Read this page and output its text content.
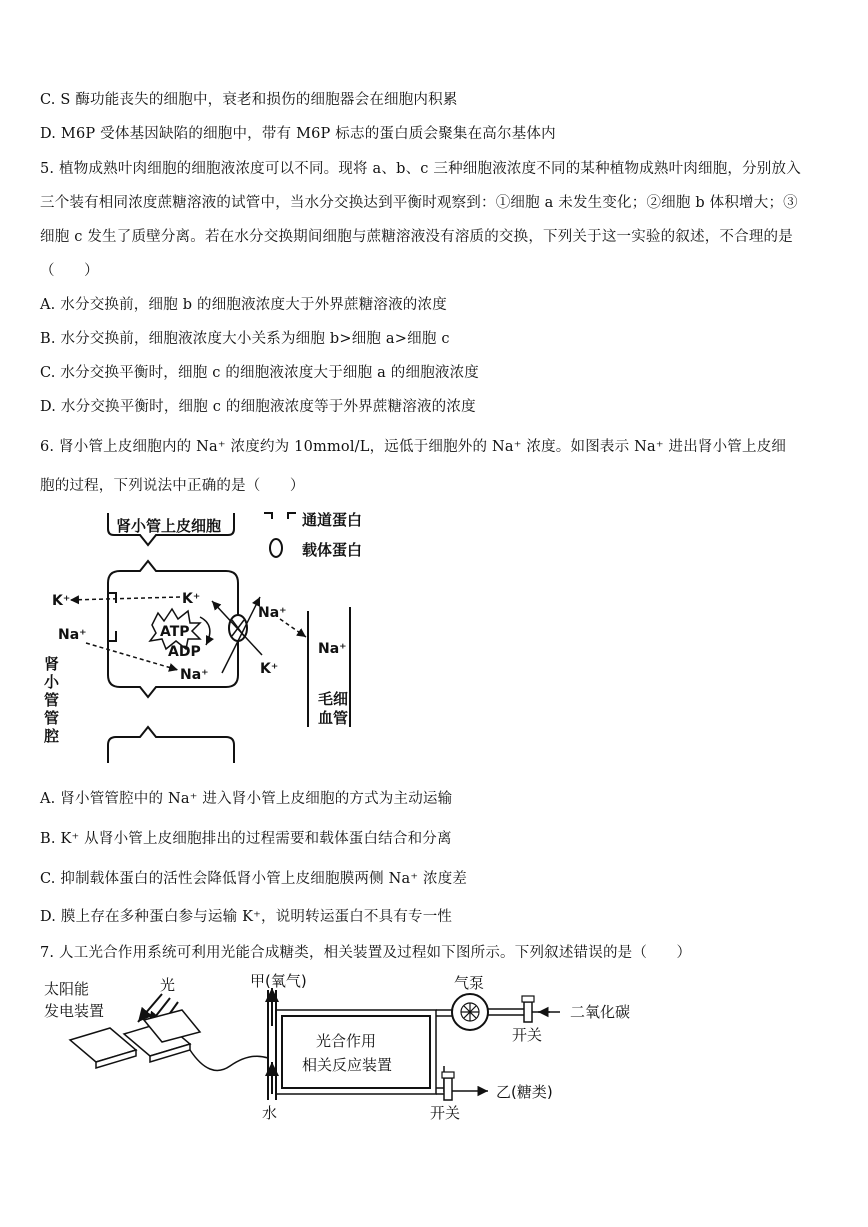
C. S 酶功能丧失的细胞中，衰老和损伤的细胞器会在细胞内积累
D. M6P 受体基因缺陷的细胞中，带有 M6P 标志的蛋白质会聚集在高尔基体内
5. 植物成熟叶肉细胞的细胞液浓度可以不同。现将 a、b、c 三种细胞液浓度不同的某种植物成熟叶肉细胞，分别放入
三个装有相同浓度蔗糖溶液的试管中，当水分交换达到平衡时观察到：①细胞 a 未发生变化；②细胞 b 体积增大；③
细胞 c 发生了质壁分离。若在水分交换期间细胞与蔗糖溶液没有溶质的交换，下列关于这一实验的叙述，不合理的是
（　　）
A. 水分交换前，细胞 b 的细胞液浓度大于外界蔗糖溶液的浓度
B. 水分交换前，细胞液浓度大小关系为细胞 b>细胞 a>细胞 c
C. 水分交换平衡时，细胞 c 的细胞液浓度大于细胞 a 的细胞液浓度
D. 水分交换平衡时，细胞 c 的细胞液浓度等于外界蔗糖溶液的浓度
6. 肾小管上皮细胞内的 Na⁺ 浓度约为 10mmol/L，远低于细胞外的 Na⁺ 浓度。如图表示 Na⁺ 进出肾小管上皮细
胞的过程，下列说法中正确的是（　　）
肾小管上皮细胞
K⁺
K⁺
Na⁺
Na⁺
ATP
ADP
Na⁺
K⁺
Na⁺
通道蛋白
载体蛋白
肾小管管腔
毛细血管
A. 肾小管管腔中的 Na⁺ 进入肾小管上皮细胞的方式为主动运输
B. K⁺ 从肾小管上皮细胞排出的过程需要和载体蛋白结合和分离
C. 抑制载体蛋白的活性会降低肾小管上皮细胞膜两侧 Na⁺ 浓度差
D. 膜上存在多种蛋白参与运输 K⁺，说明转运蛋白不具有专一性
7. 人工光合作用系统可利用光能合成糖类，相关装置及过程如下图所示。下列叙述错误的是（　　）
太阳能
发电装置
光	甲(氧气)
水
光合作用
相关反应装置
气泵
二氧化碳
开关
乙(糖类)
开关
